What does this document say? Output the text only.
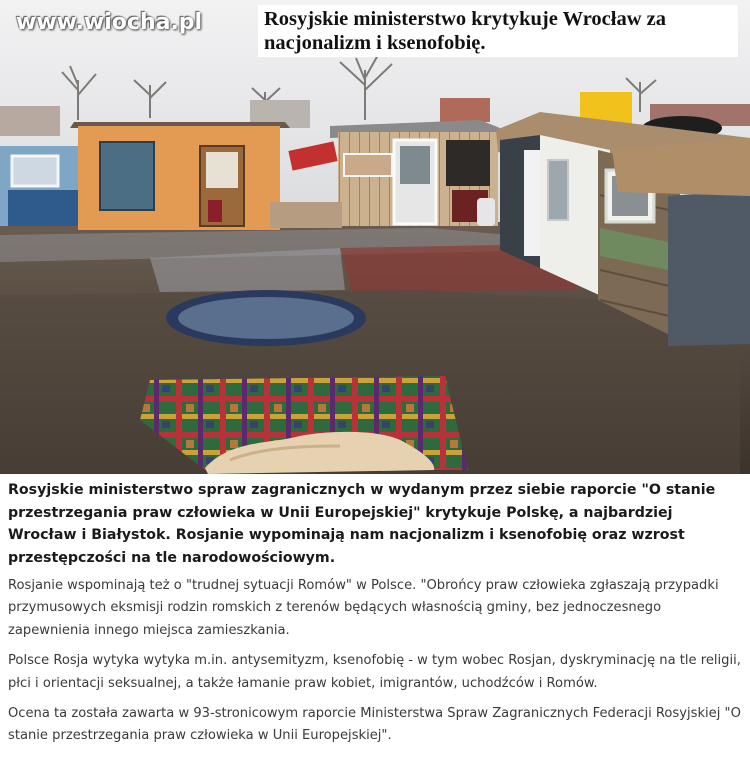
www.wiocha.pl	Rosyjskie ministerstwo krytykuje Wrocław za nacjonalizm i ksenofobię.

Rosyjskie ministerstwo spraw zagranicznych w wydanym przez siebie raporcie "O stanie przestrzegania praw człowieka w Unii Europejskiej" krytykuje Polskę, a najbardziej Wrocław i Białystok. Rosjanie wypominają nam nacjonalizm i ksenofobię oraz wzrost przestępczości na tle narodowościowym.

Rosjanie wspominają też o "trudnej sytuacji Romów" w Polsce. "Obrońcy praw człowieka zgłaszają przypadki przymusowych eksmisji rodzin romskich z terenów będących własnością gminy, bez jednoczesnego zapewnienia innego miejsca zamieszkania.

Polsce Rosja wytyka wytyka m.in. antysemityzm, ksenofobię - w tym wobec Rosjan, dyskryminację na tle religii, płci i orientacji seksualnej, a także łamanie praw kobiet, imigrantów, uchodźców i Romów.

Ocena ta została zawarta w 93-stronicowym raporcie Ministerstwa Spraw Zagranicznych Federacji Rosyjskiej "O stanie przestrzegania praw człowieka w Unii Europejskiej".
